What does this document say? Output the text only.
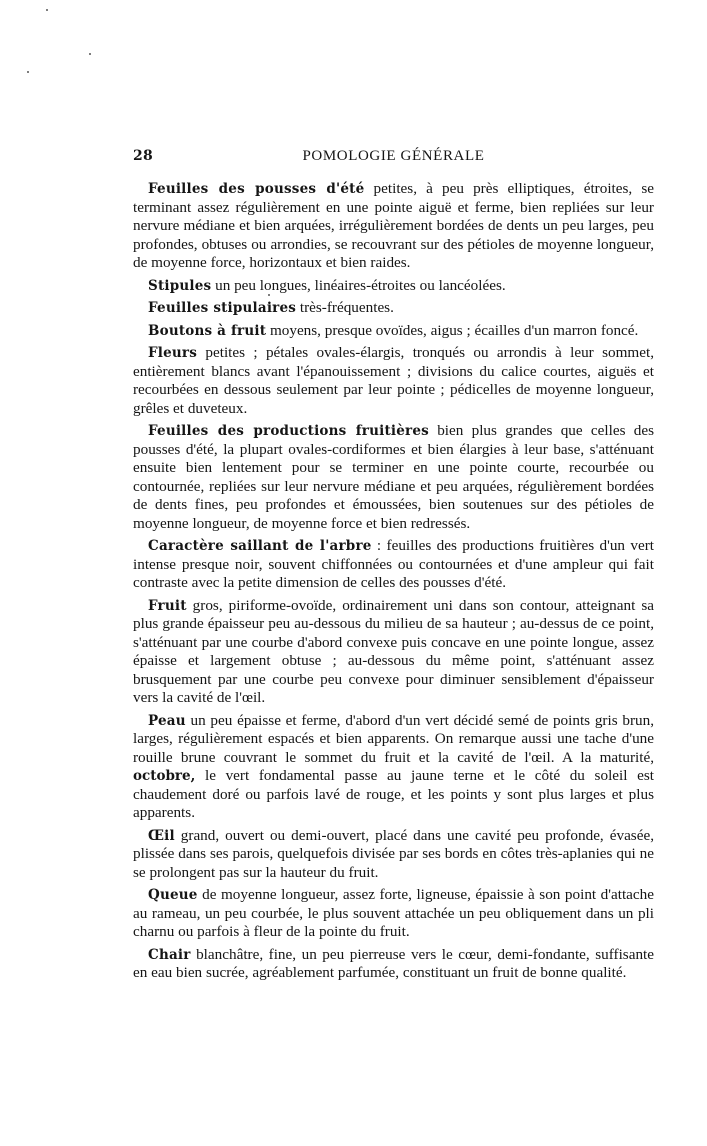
28	POMOLOGIE GÉNÉRALE

Feuilles des pousses d'été petites, à peu près elliptiques, étroites, se terminant assez régulièrement en une pointe aiguë et ferme, bien repliées sur leur nervure médiane et bien arquées, irrégulièrement bordées de dents un peu larges, peu profondes, obtuses ou arrondies, se recouvrant sur des pétioles de moyenne longueur, de moyenne force, horizontaux et bien raides.

Stipules un peu longues, linéaires-étroites ou lancéolées.

Feuilles stipulaires très-fréquentes.

Boutons à fruit moyens, presque ovoïdes, aigus ; écailles d'un marron foncé.

Fleurs petites ; pétales ovales-élargis, tronqués ou arrondis à leur sommet, entièrement blancs avant l'épanouissement ; divisions du calice courtes, aiguës et recourbées en dessous seulement par leur pointe ; pédicelles de moyenne longueur, grêles et duveteux.

Feuilles des productions fruitières bien plus grandes que celles des pousses d'été, la plupart ovales-cordiformes et bien élargies à leur base, s'atténuant ensuite bien lentement pour se terminer en une pointe courte, recourbée ou contournée, repliées sur leur nervure médiane et peu arquées, régulièrement bordées de dents fines, peu profondes et émoussées, bien soutenues sur des pétioles de moyenne longueur, de moyenne force et bien redressés.

Caractère saillant de l'arbre : feuilles des productions fruitières d'un vert intense presque noir, souvent chiffonnées ou contournées et d'une ampleur qui fait contraste avec la petite dimension de celles des pousses d'été.

Fruit gros, piriforme-ovoïde, ordinairement uni dans son contour, atteignant sa plus grande épaisseur peu au-dessous du milieu de sa hauteur ; au-dessus de ce point, s'atténuant par une courbe d'abord convexe puis concave en une pointe longue, assez épaisse et largement obtuse ; au-dessous du même point, s'atténuant assez brusquement par une courbe peu convexe pour diminuer sensiblement d'épaisseur vers la cavité de l'œil.

Peau un peu épaisse et ferme, d'abord d'un vert décidé semé de points gris brun, larges, régulièrement espacés et bien apparents. On remarque aussi une tache d'une rouille brune couvrant le sommet du fruit et la cavité de l'œil. A la maturité, octobre, le vert fondamental passe au jaune terne et le côté du soleil est chaudement doré ou parfois lavé de rouge, et les points y sont plus larges et plus apparents.

Œil grand, ouvert ou demi-ouvert, placé dans une cavité peu profonde, évasée, plissée dans ses parois, quelquefois divisée par ses bords en côtes très-aplanies qui ne se prolongent pas sur la hauteur du fruit.

Queue de moyenne longueur, assez forte, ligneuse, épaissie à son point d'attache au rameau, un peu courbée, le plus souvent attachée un peu obliquement dans un pli charnu ou parfois à fleur de la pointe du fruit.

Chair blanchâtre, fine, un peu pierreuse vers le cœur, demi-fondante, suffisante en eau bien sucrée, agréablement parfumée, constituant un fruit de bonne qualité.
